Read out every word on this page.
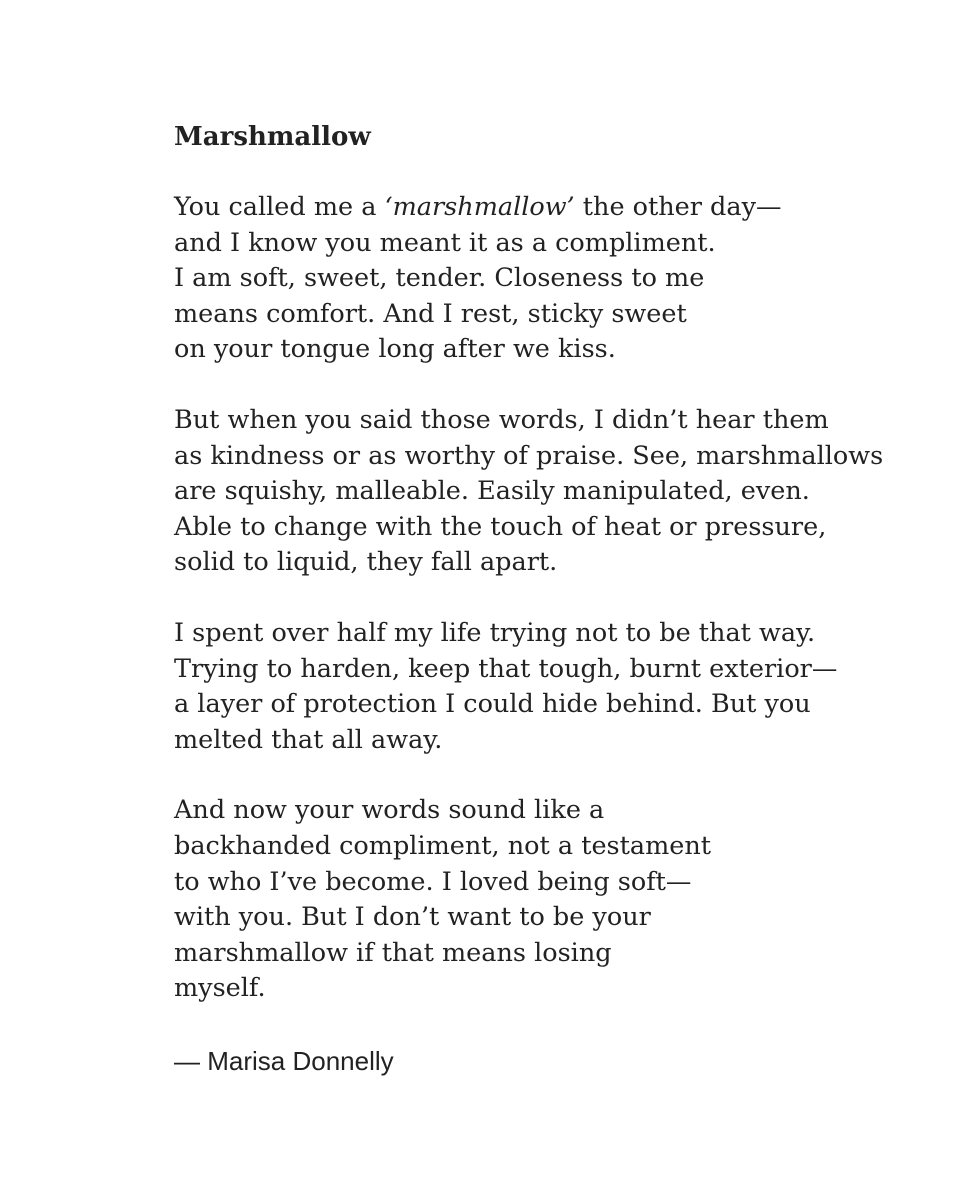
Marshmallow
You called me a ‘marshmallow’ the other day—
and I know you meant it as a compliment.
I am soft, sweet, tender. Closeness to me
means comfort. And I rest, sticky sweet
on your tongue long after we kiss.
But when you said those words, I didn’t hear them
as kindness or as worthy of praise. See, marshmallows
are squishy, malleable. Easily manipulated, even.
Able to change with the touch of heat or pressure,
solid to liquid, they fall apart.
I spent over half my life trying not to be that way.
Trying to harden, keep that tough, burnt exterior—
a layer of protection I could hide behind. But you
melted that all away.
And now your words sound like a
backhanded compliment, not a testament
to who I’ve become. I loved being soft—
with you. But I don’t want to be your
marshmallow if that means losing
myself.
— Marisa Donnelly
